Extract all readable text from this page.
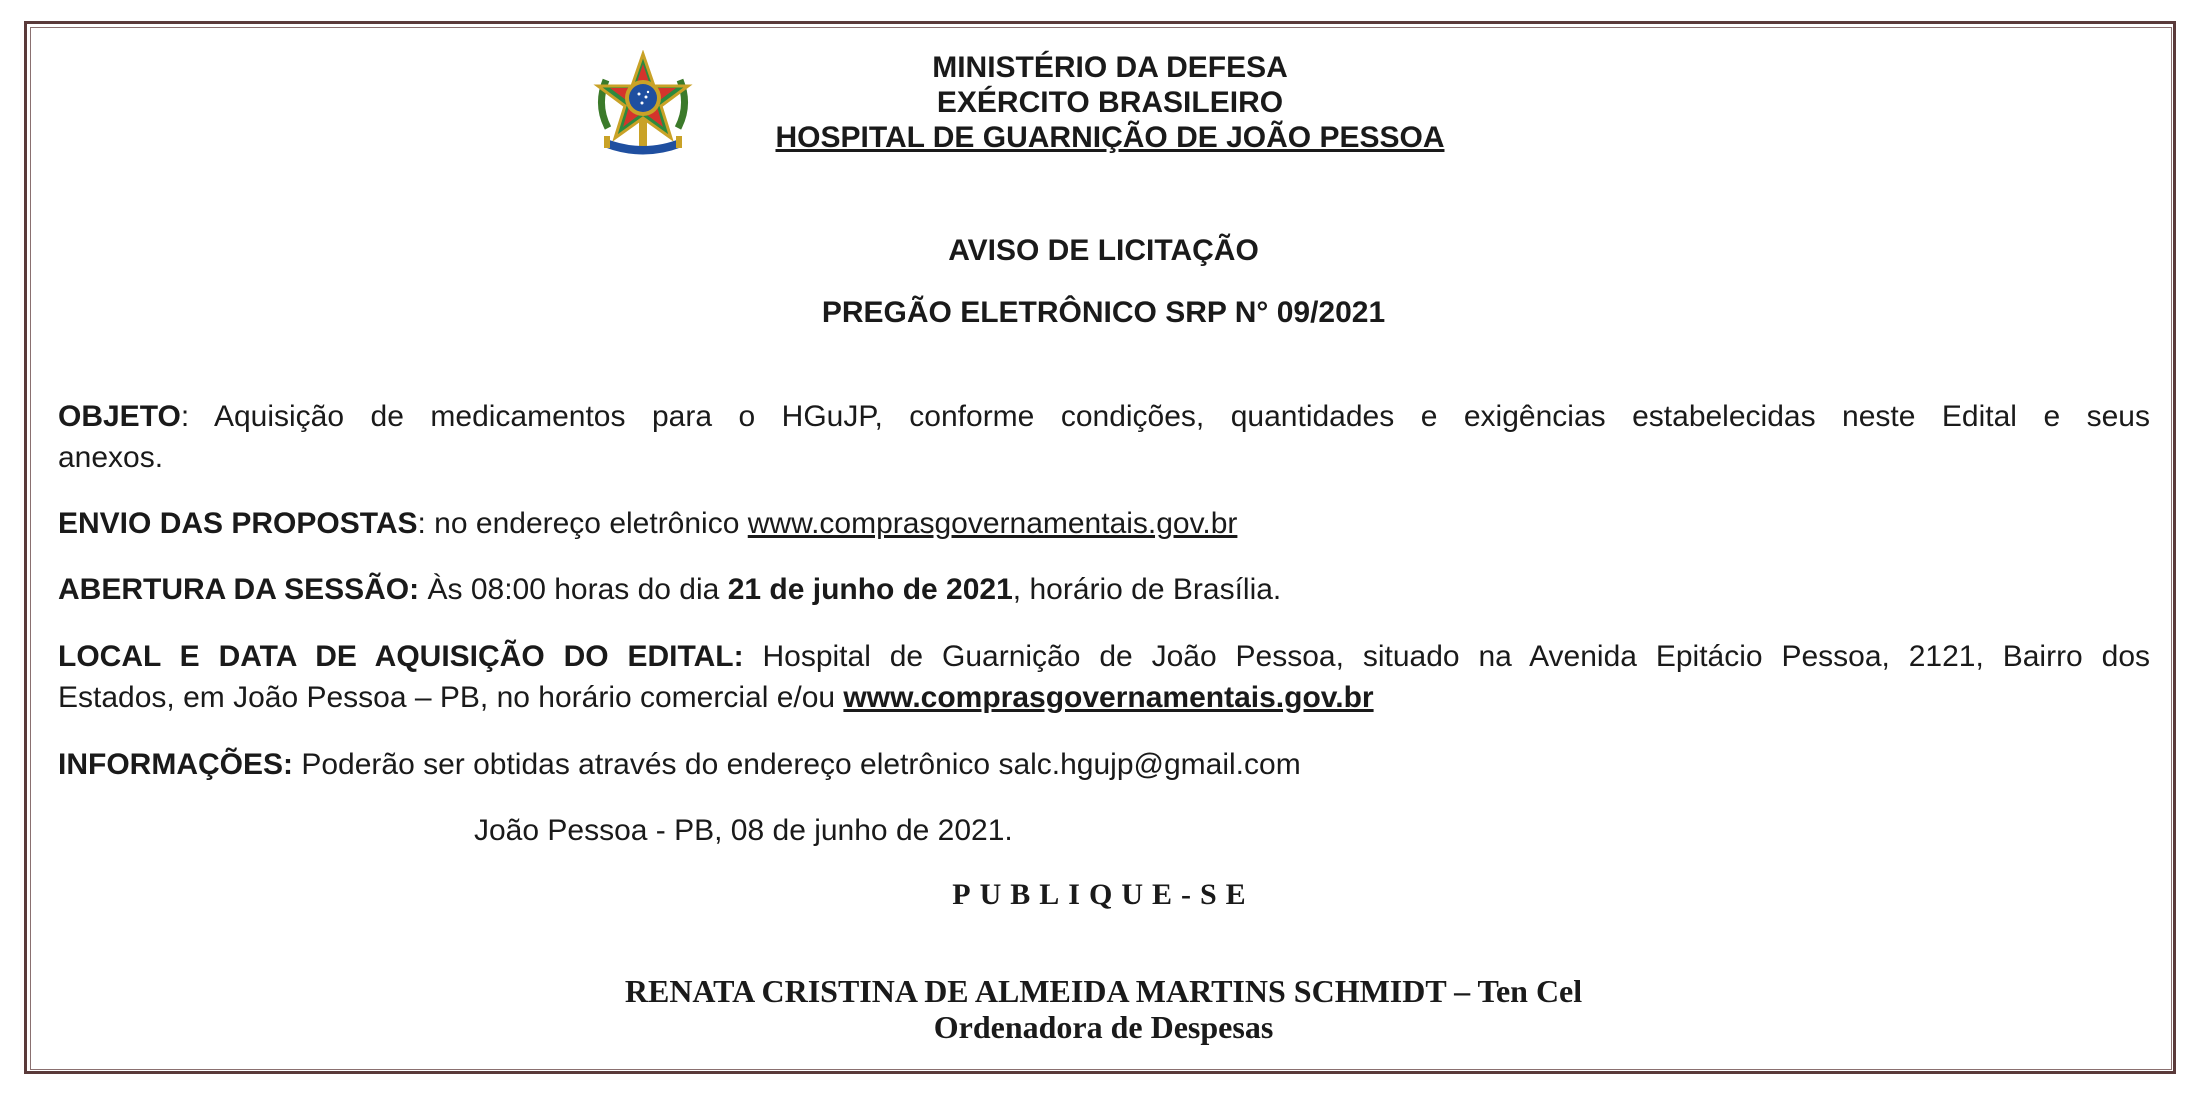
MINISTÉRIO DA DEFESA
EXÉRCITO BRASILEIRO
HOSPITAL DE GUARNIÇÃO DE JOÃO PESSOA
AVISO DE LICITAÇÃO
PREGÃO ELETRÔNICO SRP N° 09/2021
OBJETO: Aquisição de medicamentos para o HGuJP, conforme condições, quantidades e exigências estabelecidas neste Edital e seus
anexos.
ENVIO DAS PROPOSTAS: no endereço eletrônico www.comprasgovernamentais.gov.br
ABERTURA DA SESSÃO: Às 08:00 horas do dia 21 de junho de 2021, horário de Brasília.
LOCAL E DATA DE AQUISIÇÃO DO EDITAL: Hospital de Guarnição de João Pessoa, situado na Avenida Epitácio Pessoa, 2121, Bairro dos
Estados, em João Pessoa – PB, no horário comercial e/ou www.comprasgovernamentais.gov.br
INFORMAÇÕES: Poderão ser obtidas através do endereço eletrônico salc.hgujp@gmail.com
João Pessoa - PB, 08 de junho de 2021.
PUBLIQUE-SE
RENATA CRISTINA DE ALMEIDA MARTINS SCHMIDT – Ten Cel
Ordenadora de Despesas
